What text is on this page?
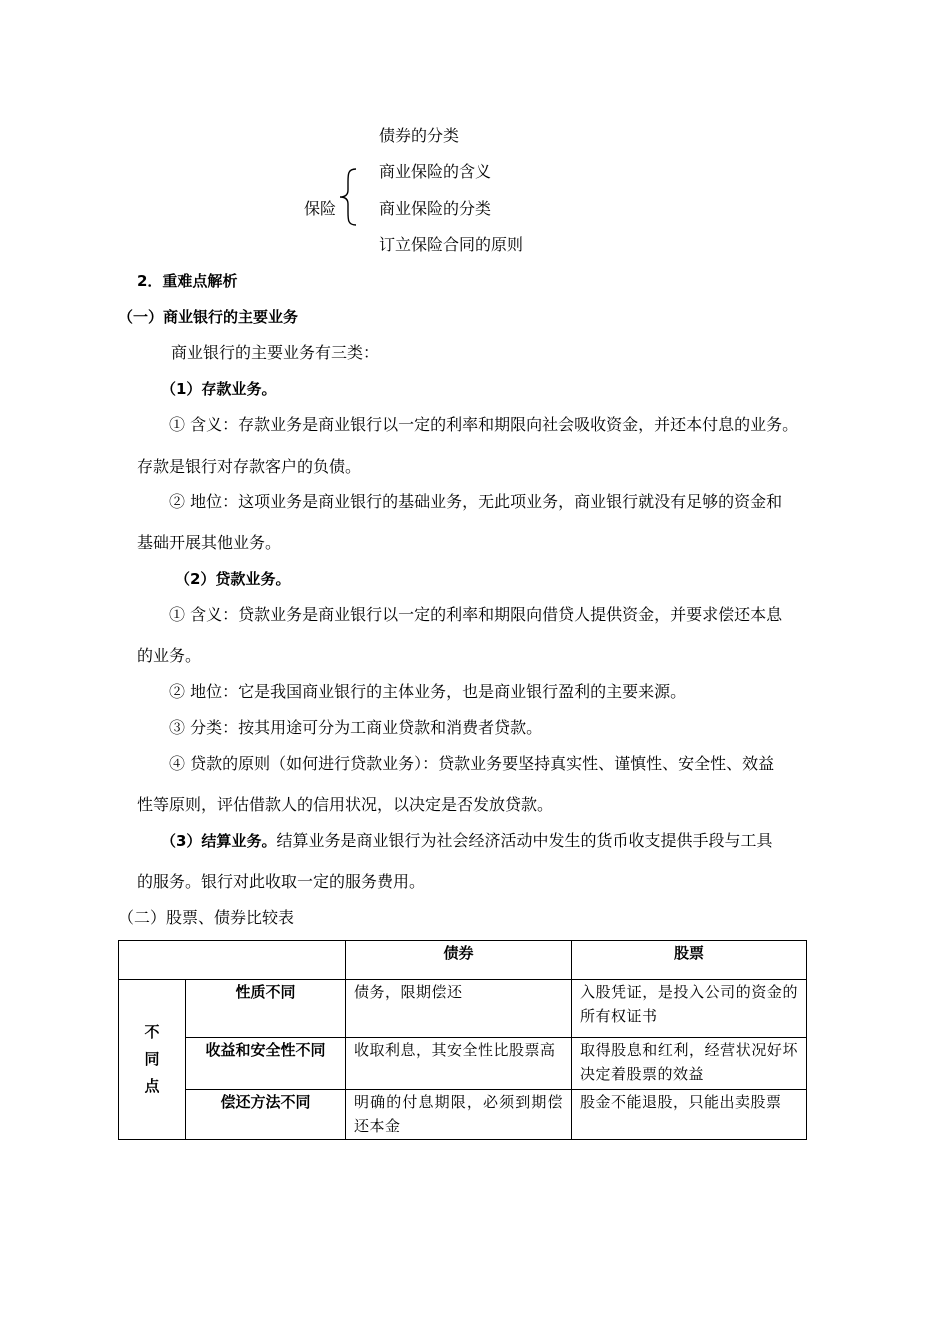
债券的分类
商业保险的含义
保险	商业保险的分类
订立保险合同的原则
2．重难点解析
（一）商业银行的主要业务
商业银行的主要业务有三类：
（1）存款业务。
① 含义：存款业务是商业银行以一定的利率和期限向社会吸收资金，并还本付息的业务。
存款是银行对存款客户的负债。
② 地位：这项业务是商业银行的基础业务，无此项业务，商业银行就没有足够的资金和
基础开展其他业务。
（2）贷款业务。
① 含义：贷款业务是商业银行以一定的利率和期限向借贷人提供资金，并要求偿还本息
的业务。
② 地位：它是我国商业银行的主体业务，也是商业银行盈利的主要来源。
③ 分类：按其用途可分为工商业贷款和消费者贷款。
④ 贷款的原则（如何进行贷款业务）：贷款业务要坚持真实性、谨慎性、安全性、效益
性等原则，评估借款人的信用状况，以决定是否发放贷款。
（3）结算业务。结算业务是商业银行为社会经济活动中发生的货币收支提供手段与工具
的服务。银行对此收取一定的服务费用。
（二）股票、债券比较表
		债券	股票

不同点	性质不同	债务，限期偿还	入股凭证，是投入公司的资金的所有权证书
	收益和安全性不同	收取利息，其安全性比股票高	取得股息和红利，经营状况好坏决定着股票的效益
	偿还方法不同	明确的付息期限，必须到期偿还本金	股金不能退股，只能出卖股票
